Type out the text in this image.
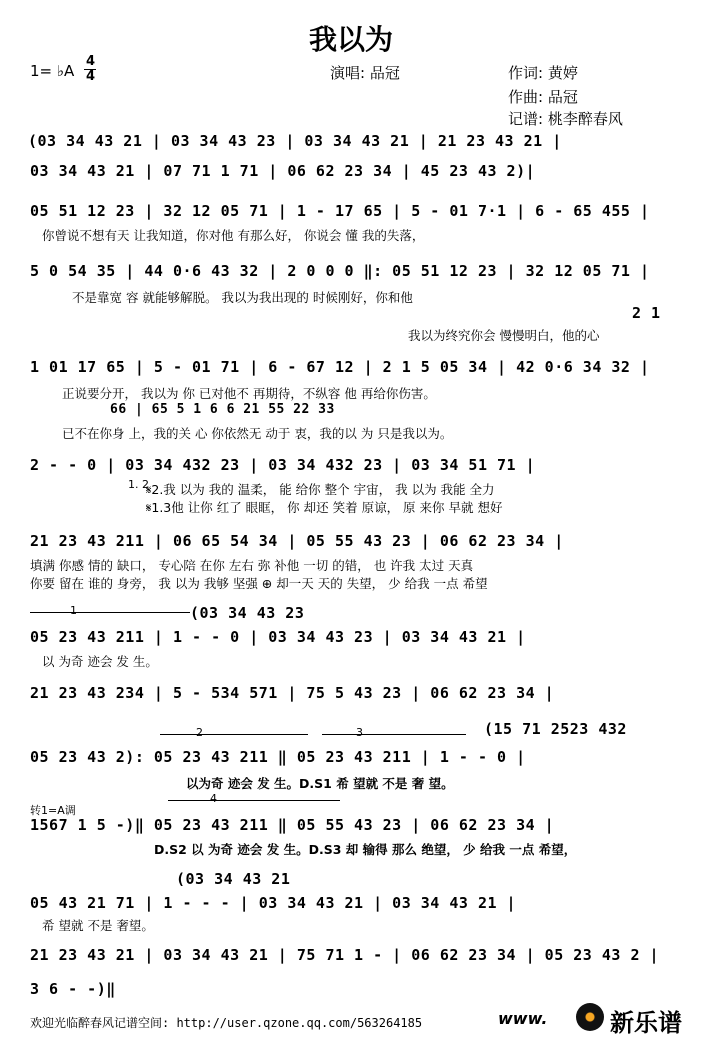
我以为
1= ♭A
4
4	演唱: 品冠	作词: 黄婷
作曲: 品冠
记谱: 桃李醉春风
(03 34 43 21 | 03 34 43 23 | 03 34 43 21 | 21 23 43 21 |
03 34 43 21 | 07 71 1 71 | 06 62 23 34 | 45 23 43 2)|
05 51 12 23 | 32 12 05 71 | 1 - 17 65 | 5 - 01 7·1 | 6 - 65 455 |
你曾说不想有天 让我知道，你对他 有那么好， 你说会 懂 我的失落，
5 0 54 35 | 44 0·6 43 32 | 2 0 0 0 ‖: 05 51 12 23 | 32 12 05 71 |
不是靠宽 容 就能够解脱。 我以为我出现的 时候刚好，你和他
2 1
我以为终究你会 慢慢明白，他的心
1 01 17 65 | 5 - 01 71 | 6 - 67 12 | 2 1 5 05 34 | 42 0·6 34 32 |
正说要分开， 我以为 你 已对他不 再期待，不纵容 他 再给你伤害。
66 | 65 5 1 6 6 21 55 22 33
已不在你身 上，我的关 心 你依然无 动于 衷，我的以 为 只是我以为。
2 - - 0 | 03 34 432 23 | 03 34 432 23 | 03 34 51 71 |
1. 2
𝄋2.我 以为 我的 温柔， 能 给你 整个 宇宙， 我 以为 我能 全力
𝄋1.3他 让你 红了 眼眶， 你 却还 笑着 原谅， 原 来你 早就 想好
21 23 43 211 | 06 65 54 34 | 05 55 43 23 | 06 62 23 34 |
填满 你感 情的 缺口， 专心陪 在你 左右 弥 补他 一切 的错， 也 许我 太过 天真
你要 留在 谁的 身旁， 我 以为 我够 坚强 ⊕ 却一天 天的 失望， 少 给我 一点 希望
1	(03 34 43 23
05 23 43 211 | 1 - - 0 | 03 34 43 23 | 03 34 43 21 |
以 为奇 迹会 发 生。
21 23 43 234 | 5 - 534 571 | 75 5 43 23 | 06 62 23 34 |
2	3	(15 71 2523 432
05 23 43 2): 05 23 43 211 ‖ 05 23 43 211 | 1 - - 0 |
以为奇 迹会 发 生。D.S1 希 望就 不是 奢 望。
转1=A调
4
1567 1 5 -)‖ 05 23 43 211 ‖ 05 55 43 23 | 06 62 23 34 |
D.S2 以 为奇 迹会 发 生。D.S3 却 输得 那么 绝望， 少 给我 一点 希望，
(03 34 43 21
05 43 21 71 | 1 - - - | 03 34 43 21 | 03 34 43 21 |
希 望就 不是 奢望。
21 23 43 21 | 03 34 43 21 | 75 71 1 - | 06 62 23 34 | 05 23 43 2 |
3 6 - -)‖
欢迎光临醉春风记谱空间: http://user.qzone.qq.com/563264185	www.	新乐谱
